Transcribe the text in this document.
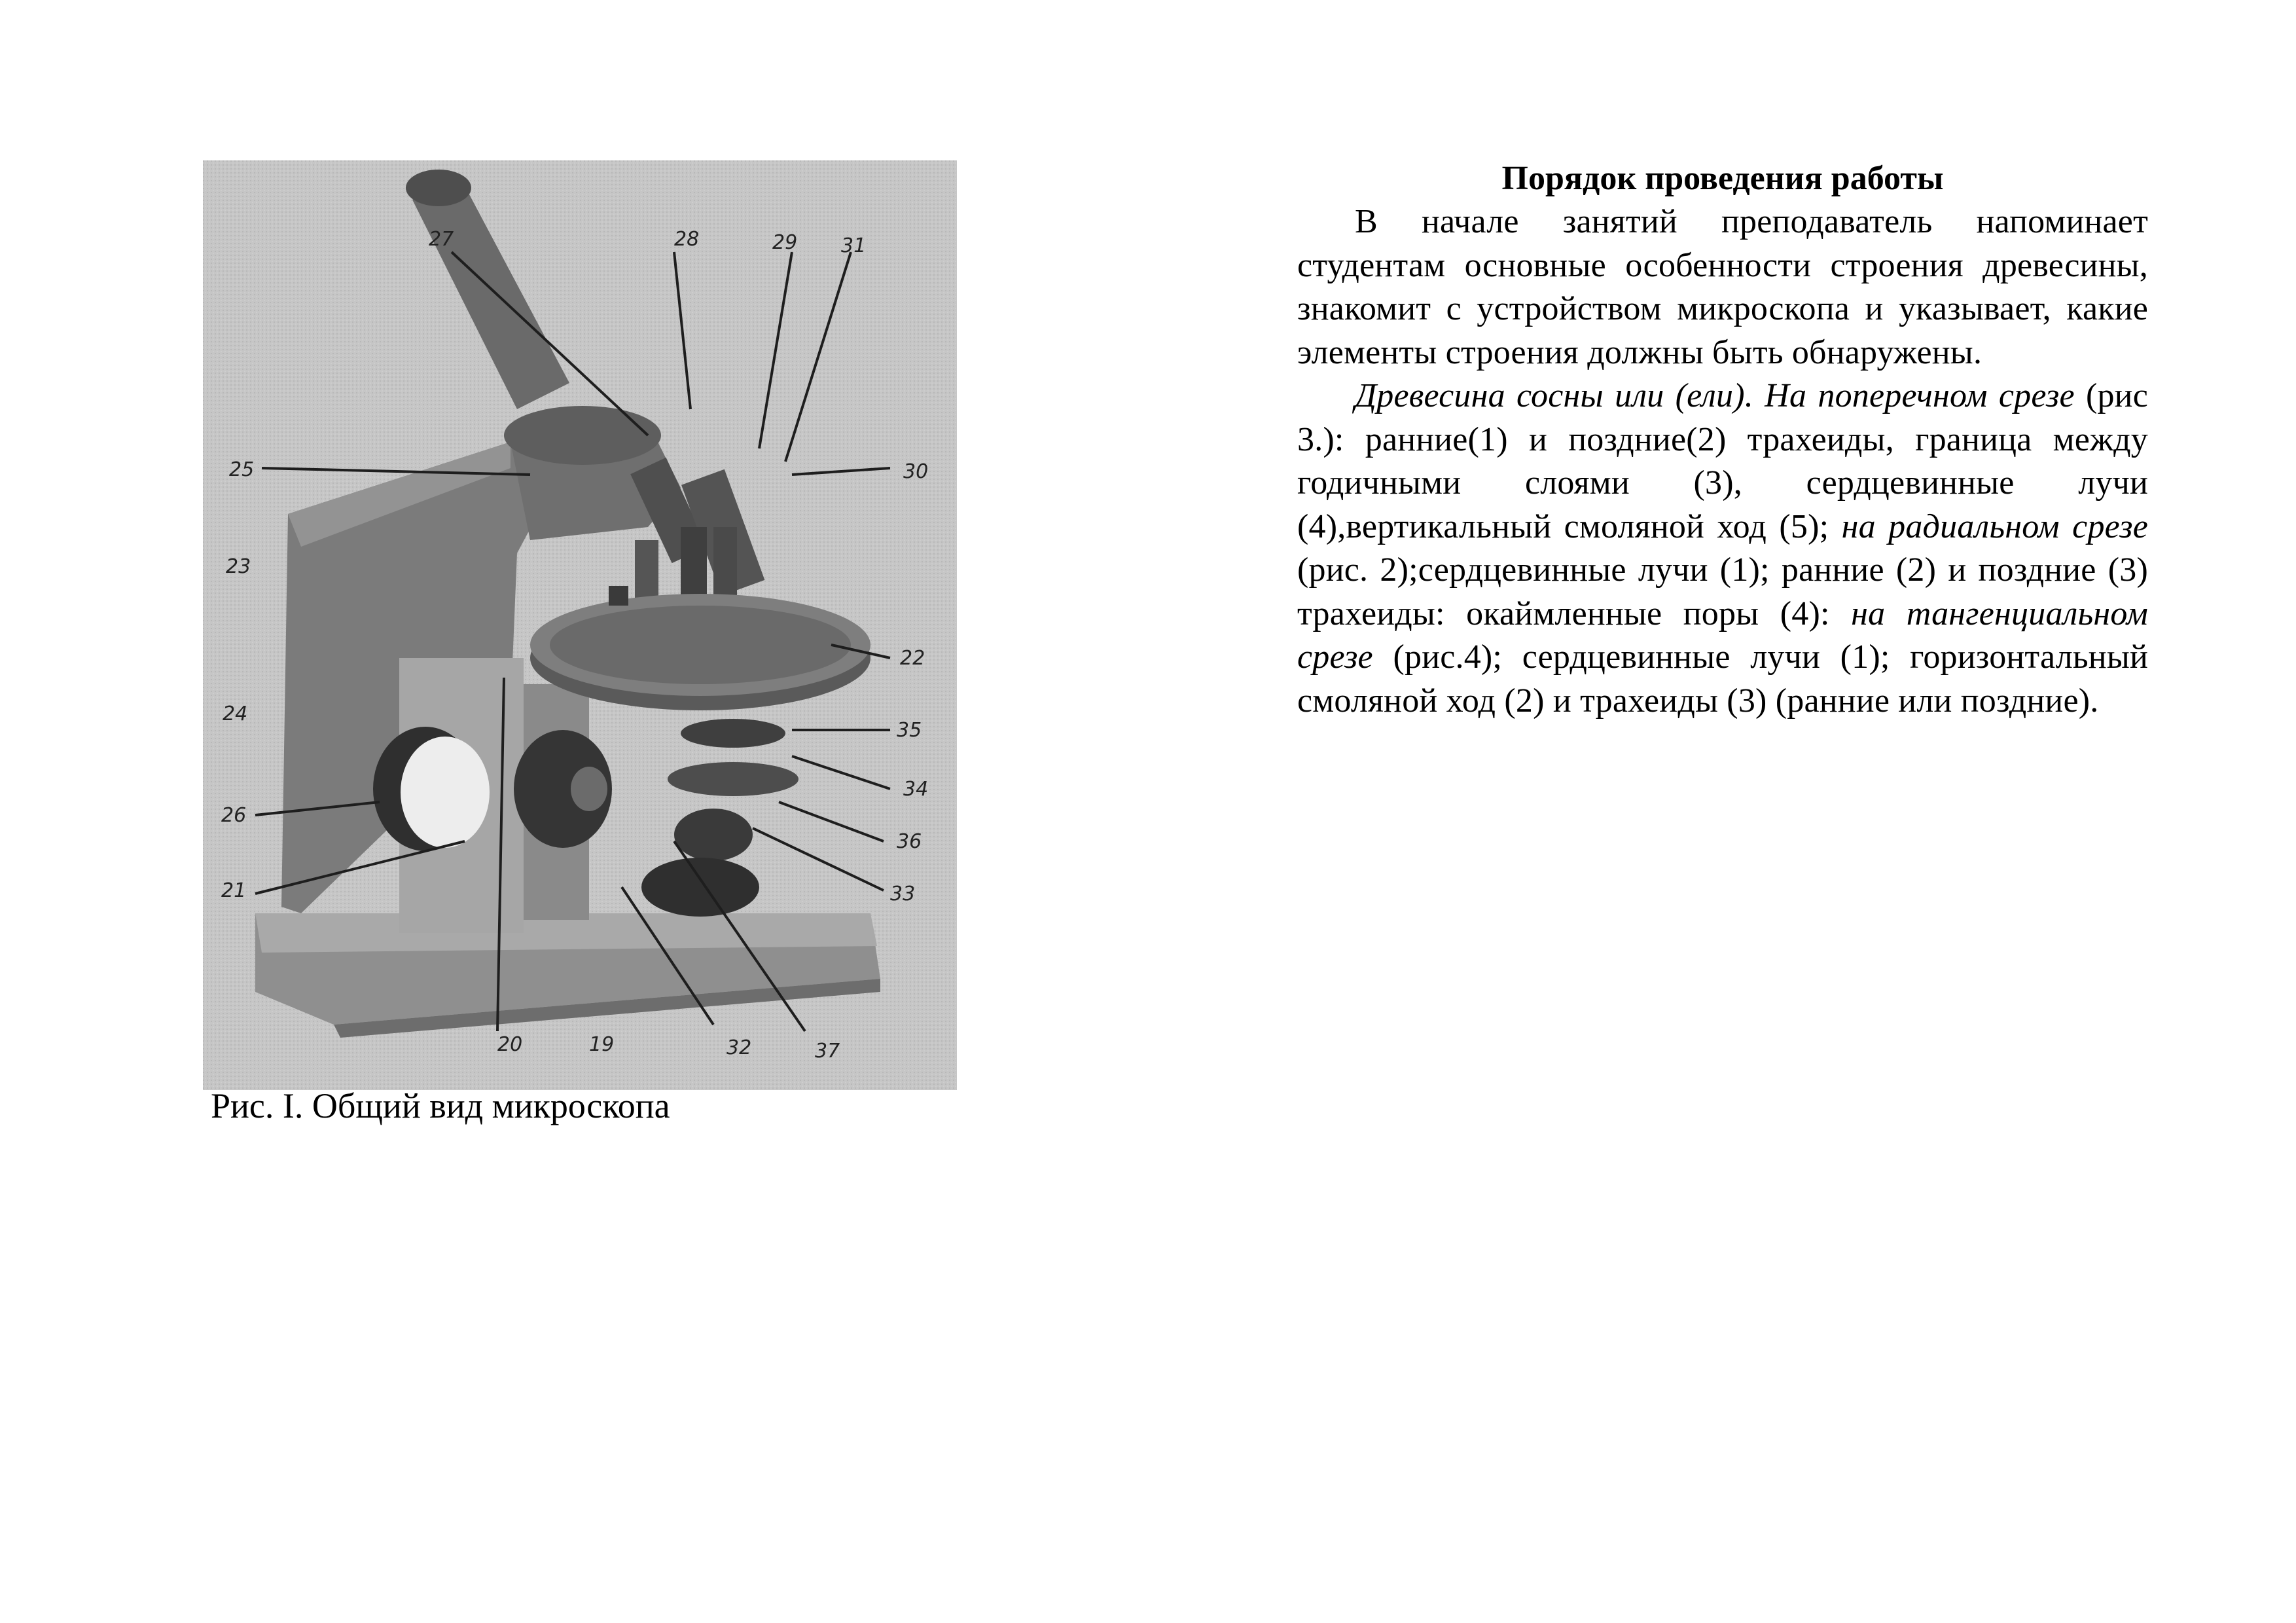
27	28	29 31
25	30
23
22
24
35
34
26
36
21	33
20	19	32	37
Рис. I. Общий вид микроскопа

Порядок проведения работы

В начале занятий преподаватель напоминает студентам основные особенности строения древесины, знакомит с устройством микроскопа и указывает, какие элементы строения должны быть обнаружены.

Древесина сосны или (ели). На поперечном срезе (рис 3.): ранние(1) и поздние(2) трахеиды, граница между годичными слоями (3), сердцевинные лучи (4),вертикальный смоляной ход (5); на радиальном срезе (рис. 2);сердцевинные лучи (1); ранние (2) и поздние (3) трахеиды: окаймленные поры (4): на тангенциальном срезе (рис.4); сердцевинные лучи (1); горизонтальный смоляной ход (2) и трахеиды (3) (ранние или поздние).
